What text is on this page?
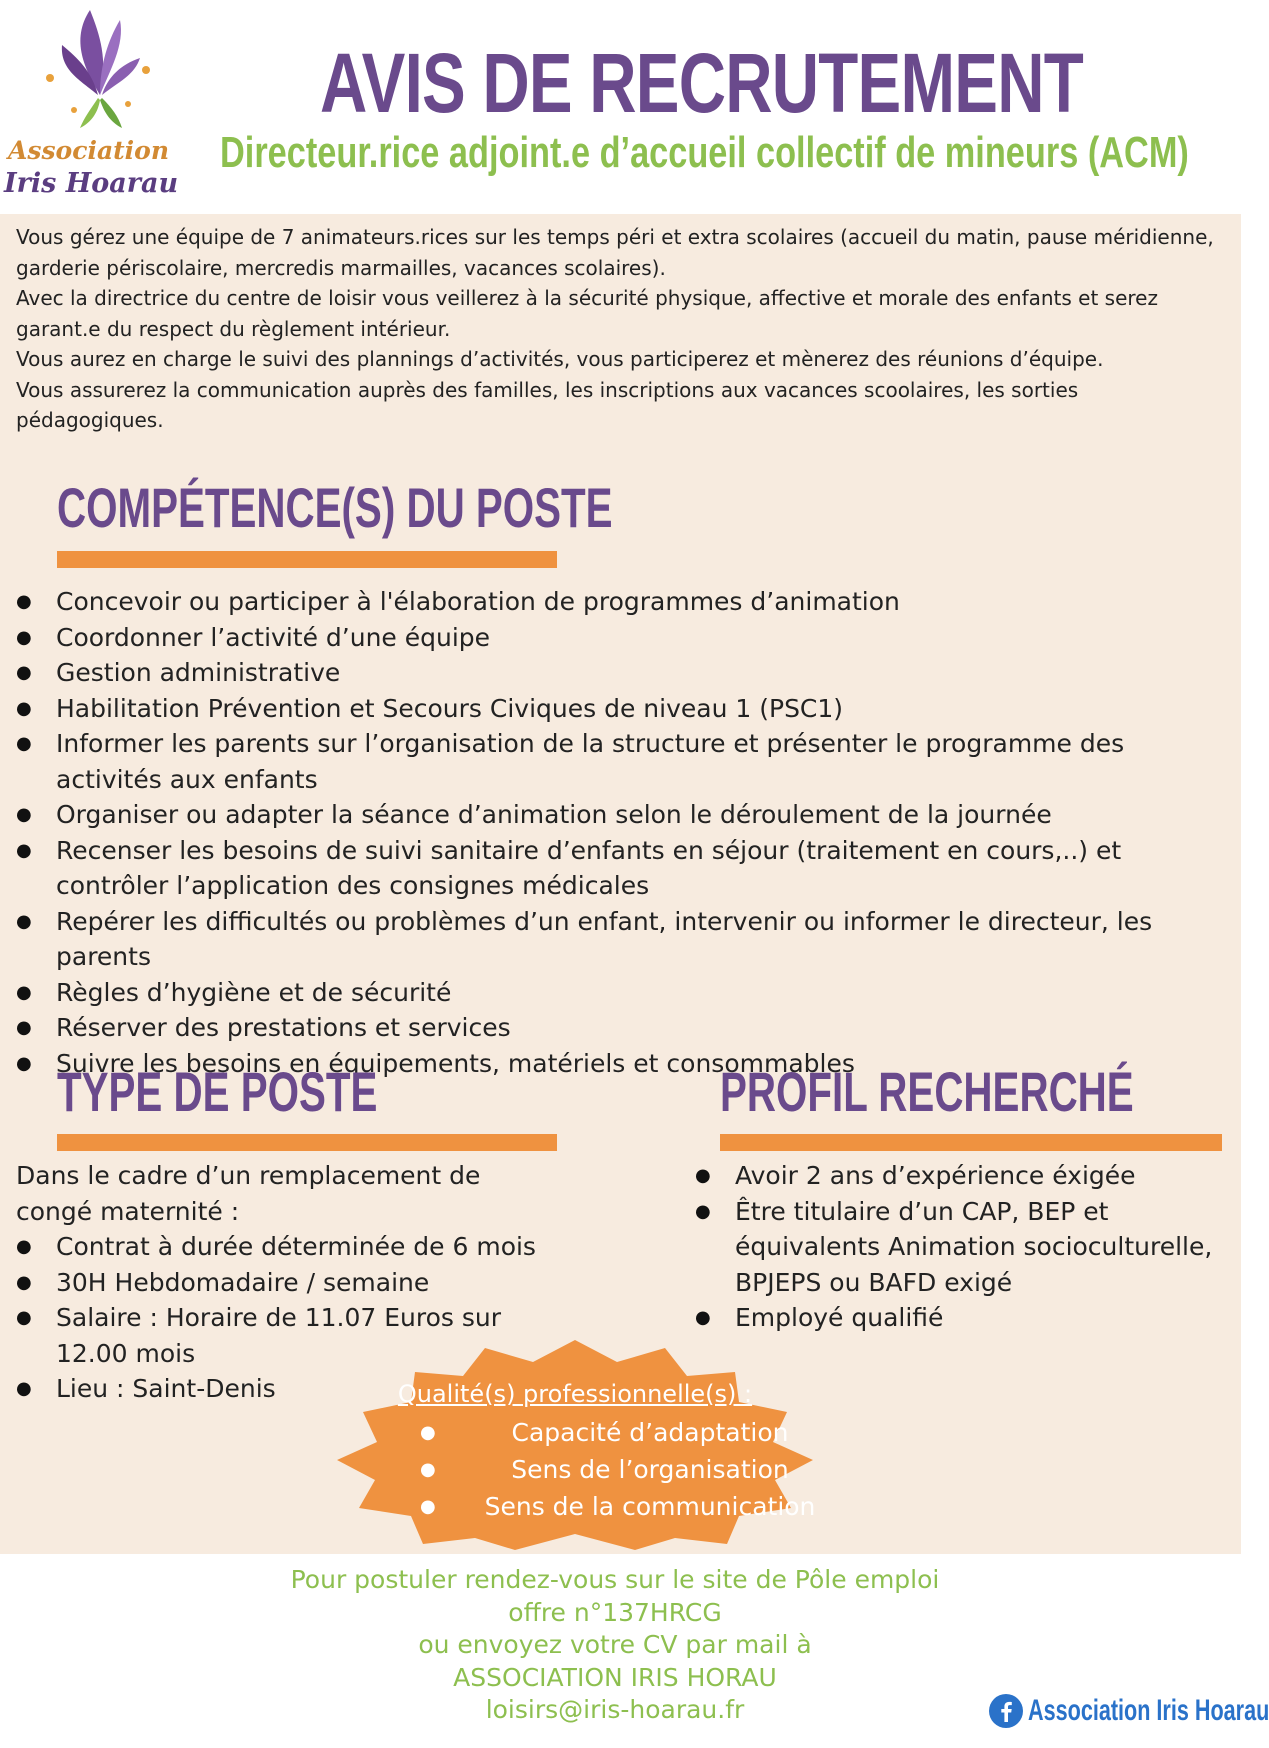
Association
Iris Hoarau
AVIS DE RECRUTEMENT
Directeur.rice adjoint.e d’accueil collectif de mineurs (ACM)

Vous gérez une équipe de 7 animateurs.rices sur les temps péri et extra scolaires (accueil du matin, pause méridienne, garderie périscolaire, mercredis marmailles, vacances scolaires).

Avec la directrice du centre de loisir vous veillerez à la sécurité physique, affective et morale des enfants et serez garant.e du respect du règlement intérieur.

Vous aurez en charge le suivi des plannings d’activités, vous participerez et mènerez des réunions d’équipe.

Vous assurerez la communication auprès des familles, les inscriptions aux vacances scoolaires, les sorties pédagogiques.

COMPÉTENCE(S) DU POSTE
● Concevoir ou participer à l'élaboration de programmes d’animation
● Coordonner l’activité d’une équipe
● Gestion administrative
● Habilitation Prévention et Secours Civiques de niveau 1 (PSC1)
● Informer les parents sur l’organisation de la structure et présenter le programme des activités aux enfants
● Organiser ou adapter la séance d’animation selon le déroulement de la journée
● Recenser les besoins de suivi sanitaire d’enfants en séjour (traitement en cours,..) et contrôler l’application des consignes médicales
● Repérer les difficultés ou problèmes d’un enfant, intervenir ou informer le directeur, les parents
● Règles d’hygiène et de sécurité
● Réserver des prestations et services
● Suivre les besoins en équipements, matériels et consommables
TYPE DE POSTE
Dans le cadre d’un remplacement de congé maternité :
● Contrat à durée déterminée de 6 mois
● 30H Hebdomadaire / semaine
● Salaire : Horaire de 11.07 Euros sur 12.00 mois
● Lieu : Saint-Denis
PROFIL RECHERCHÉ
● Avoir 2 ans d’expérience éxigée
● Être titulaire d’un CAP, BEP et équivalents Animation socioculturelle, BPJEPS ou BAFD exigé
● Employé qualifié
Qualité(s) professionnelle(s) :
●	Capacité d’adaptation
●	Sens de l’organisation
●	Sens de la communication
Pour postuler rendez-vous sur le site de Pôle emploi
offre n°137HRCG
ou envoyez votre CV par mail à
ASSOCIATION IRIS HORAU
loisirs@iris-hoarau.fr	Association Iris Hoarau
